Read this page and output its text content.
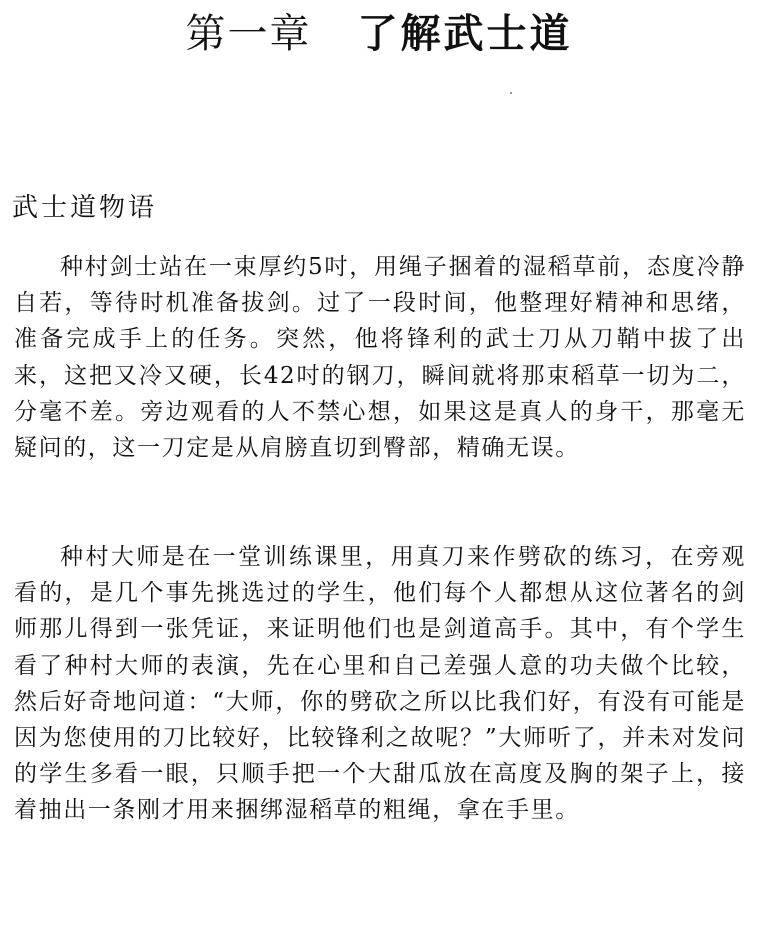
第一章 了解武士道
武士道物语

种村剑士站在一束厚约5吋，用绳子捆着的湿稻草前，态度冷静自若，等待时机准备拔剑。过了一段时间，他整理好精神和思绪，准备完成手上的任务。突然，他将锋利的武士刀从刀鞘中拔了出来，这把又冷又硬，长42吋的钢刀，瞬间就将那束稻草一切为二，分毫不差。旁边观看的人不禁心想，如果这是真人的身干，那毫无疑问的，这一刀定是从肩膀直切到臀部，精确无误。

种村大师是在一堂训练课里，用真刀来作劈砍的练习，在旁观看的，是几个事先挑选过的学生，他们每个人都想从这位著名的剑师那儿得到一张凭证，来证明他们也是剑道高手。其中，有个学生看了种村大师的表演，先在心里和自己差强人意的功夫做个比较，然后好奇地问道：“大师，你的劈砍之所以比我们好，有没有可能是因为您使用的刀比较好，比较锋利之故呢？”大师听了，并未对发问的学生多看一眼，只顺手把一个大甜瓜放在高度及胸的架子上，接着抽出一条刚才用来捆绑湿稻草的粗绳，拿在手里。
